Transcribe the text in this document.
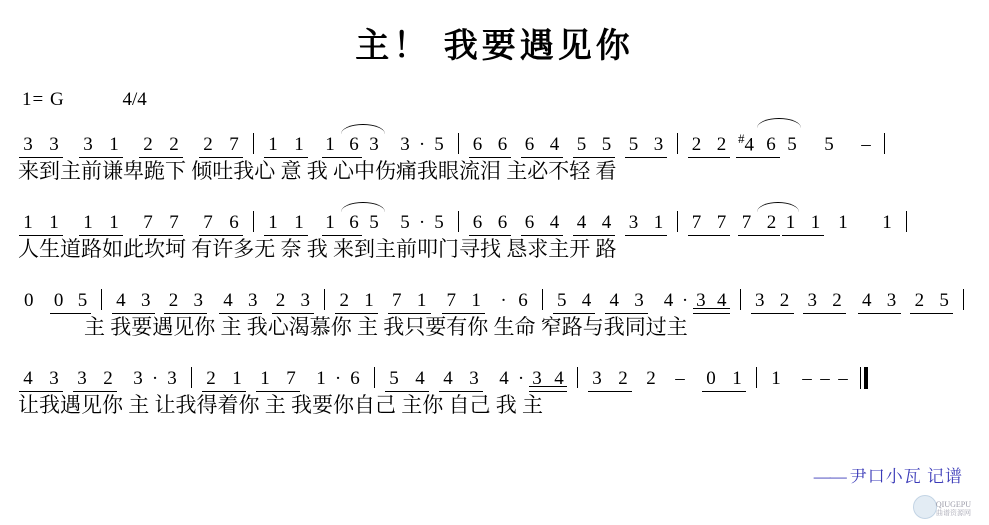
主！ 我要遇见你
1= G	4/4
3 3 3 1 2 2 2 7 1 1 1 6 3	3 · 5 6 6 6 4 5 5 5 3 2 2 #4 6 5	5 –
来到主前谦卑跪下 倾吐我心 意 我 心中伤痛我眼流泪 主必不轻 看
1 1 1 1 7 7 7 6 1 1 1 6 5	5 · 5 6 6 6 4 4 4 3 1 7 7 7 2 1 1 1 1
人生道路如此坎坷 有许多无 奈 我 来到主前叩门寻找 恳求主开 路
0	0 5 4 3 2 3 4 3 2 3 2 1 7 1 7 1	· 6 5 4 4 3 4 · 3 4 3 2 3 2 4 3 2 5
主 我要遇见你 主 我心渴慕你 主 我只要有你 生命 窄路与我同过主
4 3 3 2 3 · 3 2 1 1 7 1 · 6 5 4 4 3 4 · 3 4 3 2 2 – 0 1 1 – – –
让我遇见你 主 让我得着你 主 我要你自己 主你 自己 我 主
—— 尹口小瓦 记谱
QIUGEPU
曲谱资源网
